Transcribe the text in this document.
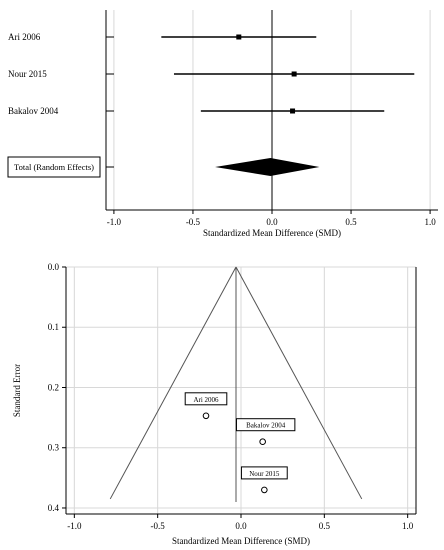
-1.0	-0.5	0.0	0.5	1.0
Standardized Mean Difference (SMD)
Ari 2006
Nour 2015
Bakalov 2004
Total (Random Effects)
-1.0	-0.5	0.0	0.5	1.0
0.0
0.1
0.2
0.3
0.4
Standardized Mean Difference (SMD)
Standard Error	Ari 2006
Bakalov 2004
Nour 2015
